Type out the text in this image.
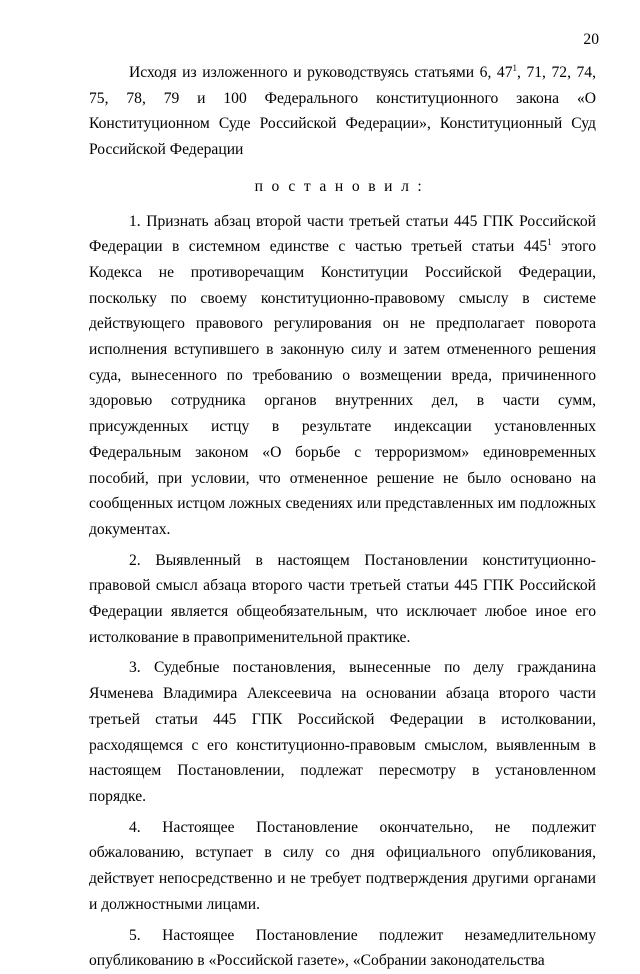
20

Исходя из изложенного и руководствуясь статьями 6, $47^1$, 71, 72, 74, 75, 78, 79 и 100 Федерального конституционного закона «О Конституционном Суде Российской Федерации», Конституционный Суд Российской Федерации

постановил:

1. Признать абзац второй части третьей статьи 445 ГПК Российской Федерации в системном единстве с частью третьей статьи $445^1$ этого Кодекса не противоречащим Конституции Российской Федерации, поскольку по своему конституционно-правовому смыслу в системе действующего правового регулирования он не предполагает поворота исполнения вступившего в законную силу и затем отмененного решения суда, вынесенного по требованию о возмещении вреда, причиненного здоровью сотрудника органов внутренних дел, в части сумм, присужденных истцу в результате индексации установленных Федеральным законом «О борьбе с терроризмом» единовременных пособий, при условии, что отмененное решение не было основано на сообщенных истцом ложных сведениях или представленных им подложных документах.

2. Выявленный в настоящем Постановлении конституционно-правовой смысл абзаца второго части третьей статьи 445 ГПК Российской Федерации является общеобязательным, что исключает любое иное его истолкование в правоприменительной практике.

3. Судебные постановления, вынесенные по делу гражданина Ячменева Владимира Алексеевича на основании абзаца второго части третьей статьи 445 ГПК Российской Федерации в истолковании, расходящемся с его конституционно-правовым смыслом, выявленным в настоящем Постановлении, подлежат пересмотру в установленном порядке.

4. Настоящее Постановление окончательно, не подлежит обжалованию, вступает в силу со дня официального опубликования, действует непосредственно и не требует подтверждения другими органами и должностными лицами.

5. Настоящее Постановление подлежит незамедлительному опубликованию в «Российской газете», «Собрании законодательства
